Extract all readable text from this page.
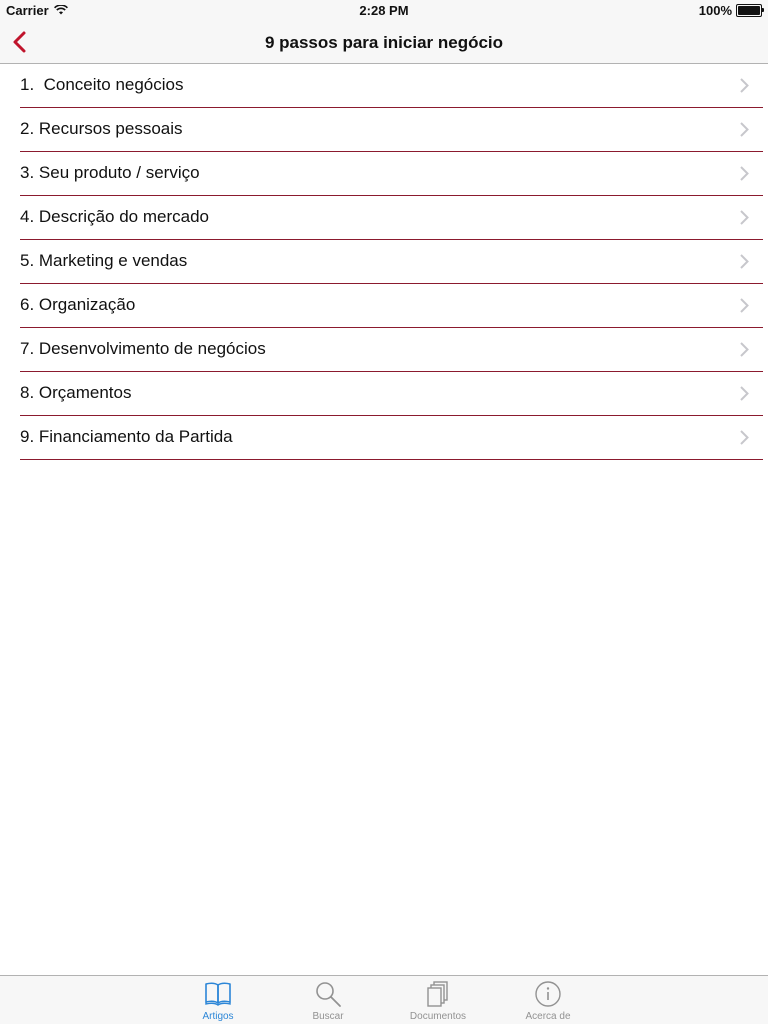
Carrier	2:28 PM	100%
9 passos para iniciar negócio
1.  Conceito negócios
2. Recursos pessoais
3. Seu produto / serviço
4. Descrição do mercado
5. Marketing e vendas
6. Organização
7. Desenvolvimento de negócios
8. Orçamentos
9. Financiamento da Partida
Artigos	Buscar	Documentos	Acerca de
